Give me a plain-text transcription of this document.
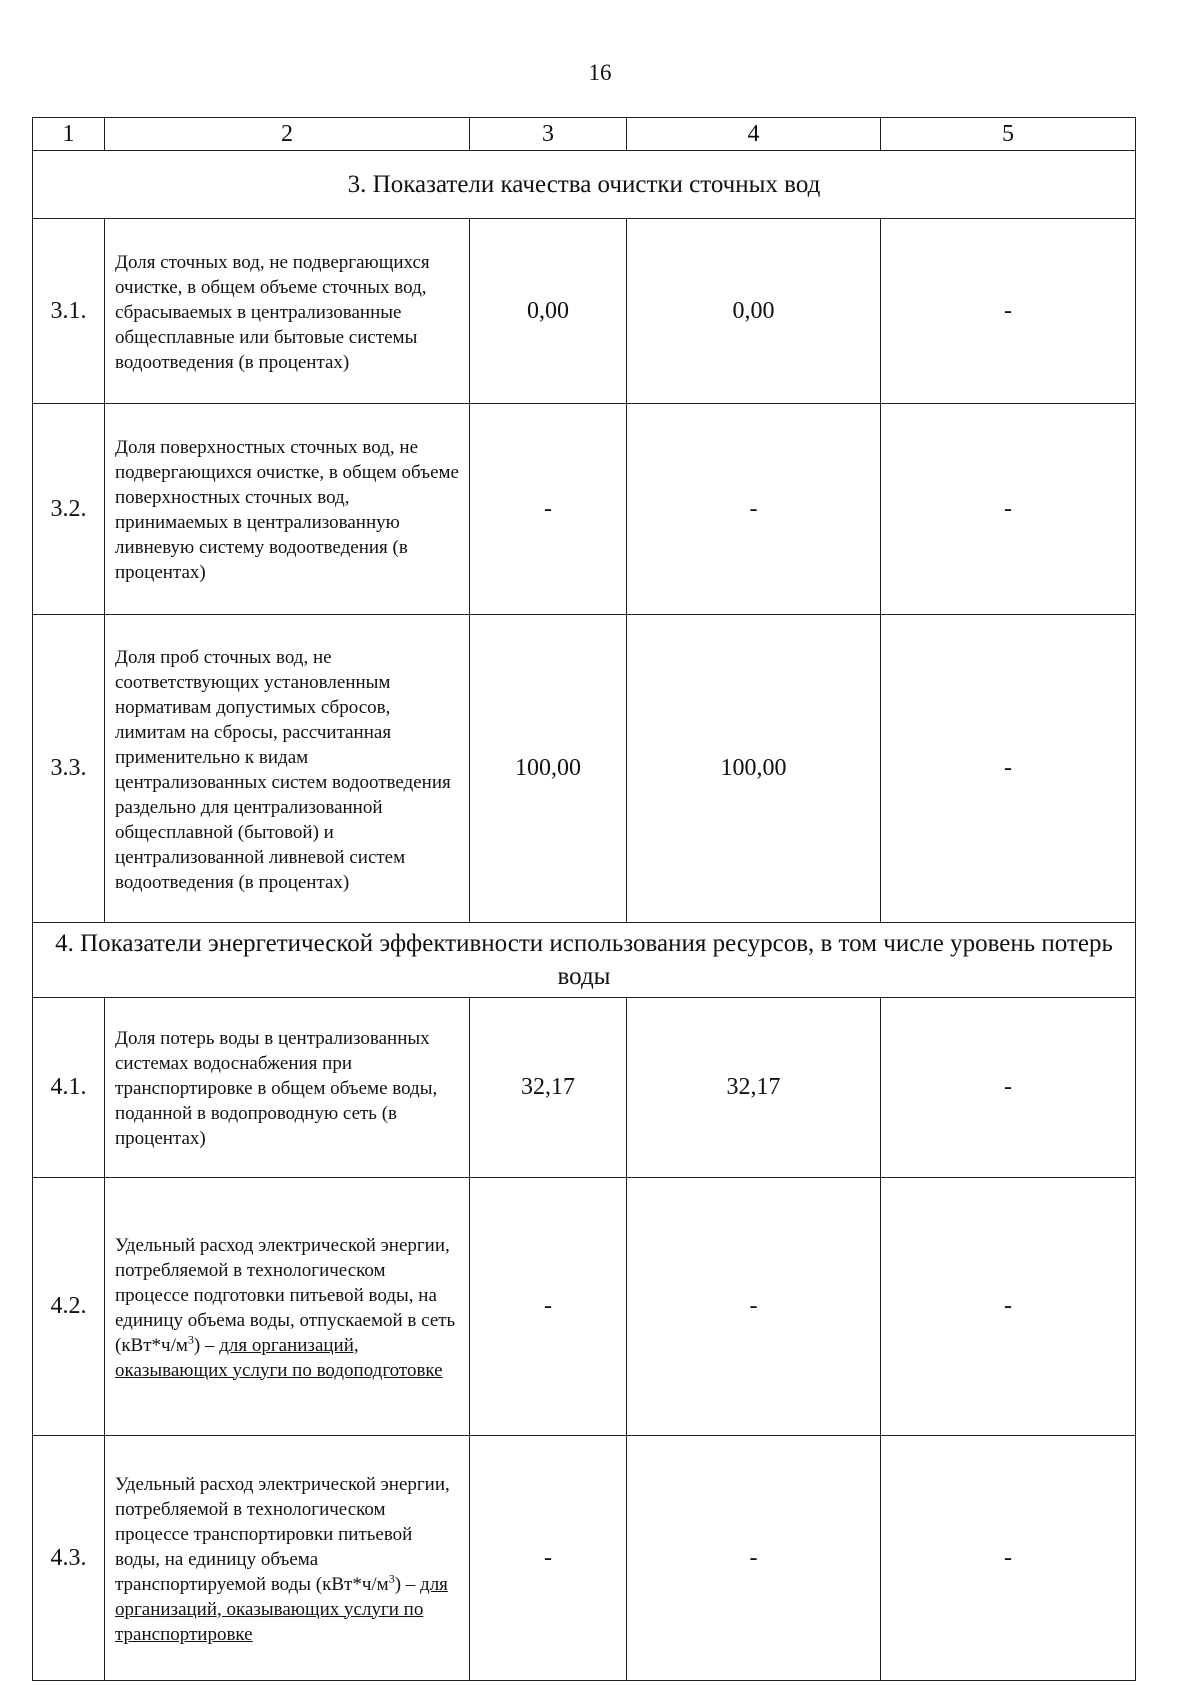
16
1	2	3	4	5
3. Показатели качества очистки сточных вод				
3.1.	Доля сточных вод, не подвергающихся очистке, в общем объеме сточных вод, сбрасываемых в централизованные общесплавные или бытовые системы водоотведения (в процентах)	0,00	0,00	-
3.2.	Доля поверхностных сточных вод, не подвергающихся очистке, в общем объеме поверхностных сточных вод, принимаемых в централизованную ливневую систему водоотведения (в процентах)	-	-	-
3.3.	Доля проб сточных вод, не соответствующих установленным нормативам допустимых сбросов, лимитам на сбросы, рассчитанная применительно к видам централизованных систем водоотведения раздельно для централизованной общесплавной (бытовой) и централизованной ливневой систем водоотведения (в процентах)	100,00	100,00	-
4. Показатели энергетической эффективности использования ресурсов, в том числе уровень потерь воды				
4.1.	Доля потерь воды в централизованных системах водоснабжения при транспортировке в общем объеме воды, поданной в водопроводную сеть (в процентах)	32,17	32,17	-
4.2.	Удельный расход электрической энергии, потребляемой в технологическом процессе подготовки питьевой воды, на единицу объема воды, отпускаемой в сеть $(кВт*ч/м^3)$ – для организаций, оказывающих услуги по водоподготовке	-	-	-
4.3.	Удельный расход электрической энергии, потребляемой в технологическом процессе транспортировки питьевой воды, на единицу объема транспортируемой воды $(кВт*ч/м^3)$ – для организаций, оказывающих услуги по транспортировке	-	-	-
